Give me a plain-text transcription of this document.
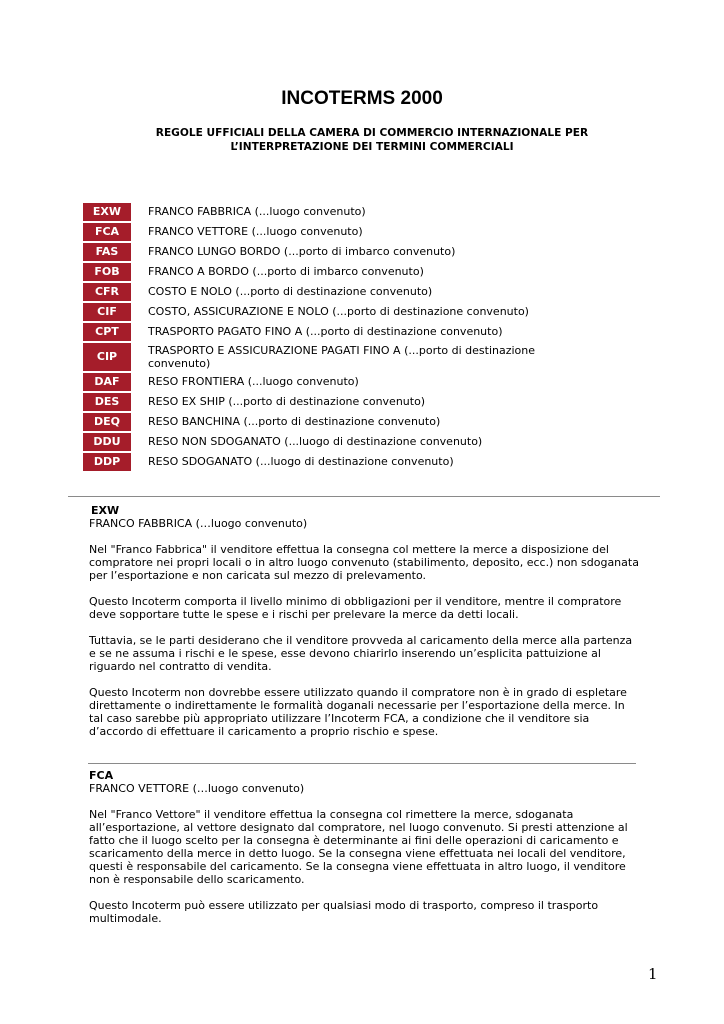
INCOTERMS 2000
REGOLE UFFICIALI DELLA CAMERA DI COMMERCIO INTERNAZIONALE PER
L’INTERPRETAZIONE DEI TERMINI COMMERCIALI
EXW	FRANCO FABBRICA (...luogo convenuto)
FCA	FRANCO VETTORE (...luogo convenuto)
FAS	FRANCO LUNGO BORDO (...porto di imbarco convenuto)
FOB	FRANCO A BORDO (...porto di imbarco convenuto)
CFR	COSTO E NOLO (...porto di destinazione convenuto)
CIF	COSTO, ASSICURAZIONE E NOLO (...porto di destinazione convenuto)
CPT	TRASPORTO PAGATO FINO A (...porto di destinazione convenuto)
CIP	TRASPORTO E ASSICURAZIONE PAGATI FINO A (...porto di destinazione convenuto)
DAF	RESO FRONTIERA (...luogo convenuto)
DES	RESO EX SHIP (...porto di destinazione convenuto)
DEQ	RESO BANCHINA (...porto di destinazione convenuto)
DDU	RESO NON SDOGANATO (...luogo di destinazione convenuto)
DDP	RESO SDOGANATO (...luogo di destinazione convenuto)
EXW
FRANCO FABBRICA (…luogo convenuto)
Nel "Franco Fabbrica" il venditore effettua la consegna col mettere la merce a disposizione del compratore nei propri locali o in altro luogo convenuto (stabilimento, deposito, ecc.) non sdoganata per l’esportazione e non caricata sul mezzo di prelevamento.
Questo Incoterm comporta il livello minimo di obbligazioni per il venditore, mentre il compratore deve sopportare tutte le spese e i rischi per prelevare la merce da detti locali.
Tuttavia, se le parti desiderano che il venditore provveda al caricamento della merce alla partenza e se ne assuma i rischi e le spese, esse devono chiarirlo inserendo un’esplicita pattuizione al riguardo nel contratto di vendita.
Questo Incoterm non dovrebbe essere utilizzato quando il compratore non è in grado di espletare direttamente o indirettamente le formalità doganali necessarie per l’esportazione della merce. In tal caso sarebbe più appropriato utilizzare l’Incoterm FCA, a condizione che il venditore sia d’accordo di effettuare il caricamento a proprio rischio e spese.
FCA
FRANCO VETTORE (…luogo convenuto)
Nel "Franco Vettore" il venditore effettua la consegna col rimettere la merce, sdoganata all’esportazione, al vettore designato dal compratore, nel luogo convenuto. Si presti attenzione al fatto che il luogo scelto per la consegna è determinante ai fini delle operazioni di caricamento e scaricamento della merce in detto luogo. Se la consegna viene effettuata nei locali del venditore, questi è responsabile del caricamento. Se la consegna viene effettuata in altro luogo, il venditore non è responsabile dello scaricamento.
Questo Incoterm può essere utilizzato per qualsiasi modo di trasporto, compreso il trasporto multimodale.
1
